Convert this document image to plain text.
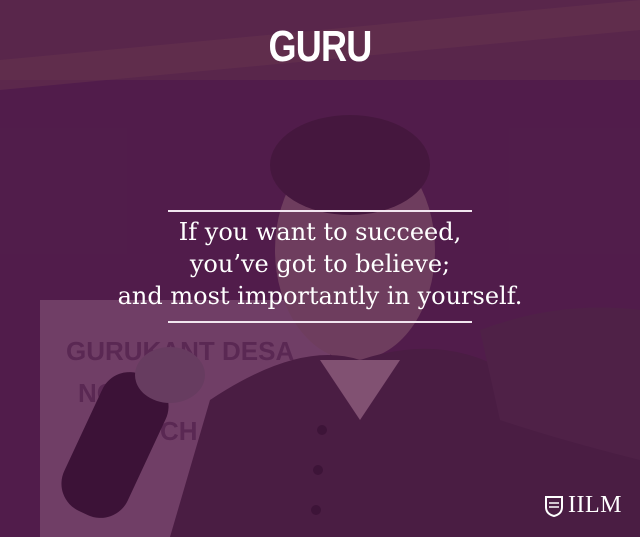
GURU
If you want to succeed,
you’ve got to believe;
and most importantly in yourself.
IILM
